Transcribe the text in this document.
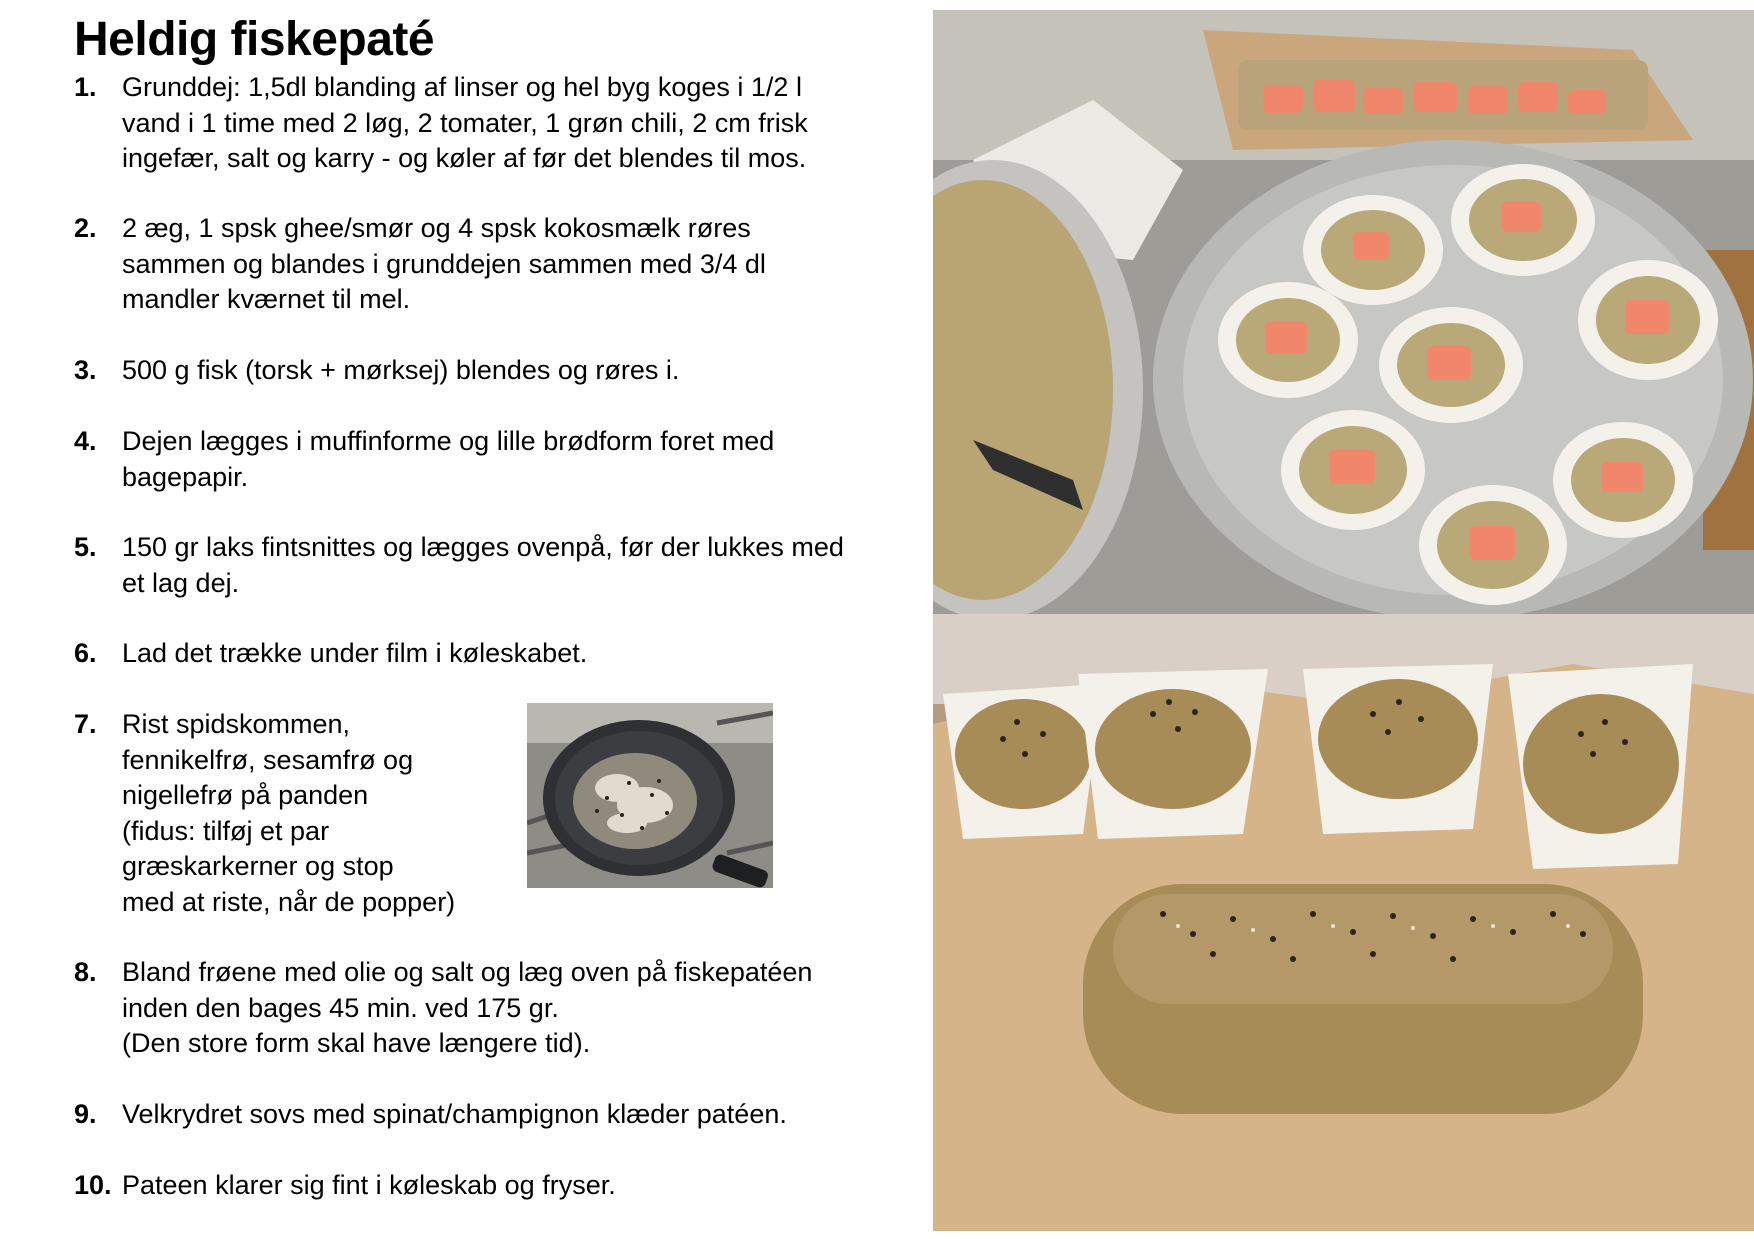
Heldig fiskepaté
1. Grunddej: 1,5dl blanding af linser og hel byg koges i 1/2 l
vand i 1 time med 2 løg, 2 tomater, 1 grøn chili, 2 cm frisk
ingefær, salt og karry - og køler af før det blendes til mos.
2. 2 æg, 1 spsk ghee/smør og 4 spsk kokosmælk røres
sammen og blandes i grunddejen sammen med 3/4 dl
mandler kværnet til mel.
3. 500 g fisk (torsk + mørksej) blendes og røres i.
4. Dejen lægges i muffinforme og lille brødform foret med
bagepapir.
5. 150 gr laks fintsnittes og lægges ovenpå, før der lukkes med
et lag dej.
6. Lad det trække under film i køleskabet.
7. Rist spidskommen,
fennikelfrø, sesamfrø og
nigellefrø på panden
(fidus: tilføj et par
græskarkerner og stop
med at riste, når de popper)
8. Bland frøene med olie og salt og læg oven på fiskepatéen
inden den bages 45 min. ved 175 gr.
(Den store form skal have længere tid).
9. Velkrydret sovs med spinat/champignon klæder patéen.
10. Pateen klarer sig fint i køleskab og fryser.
